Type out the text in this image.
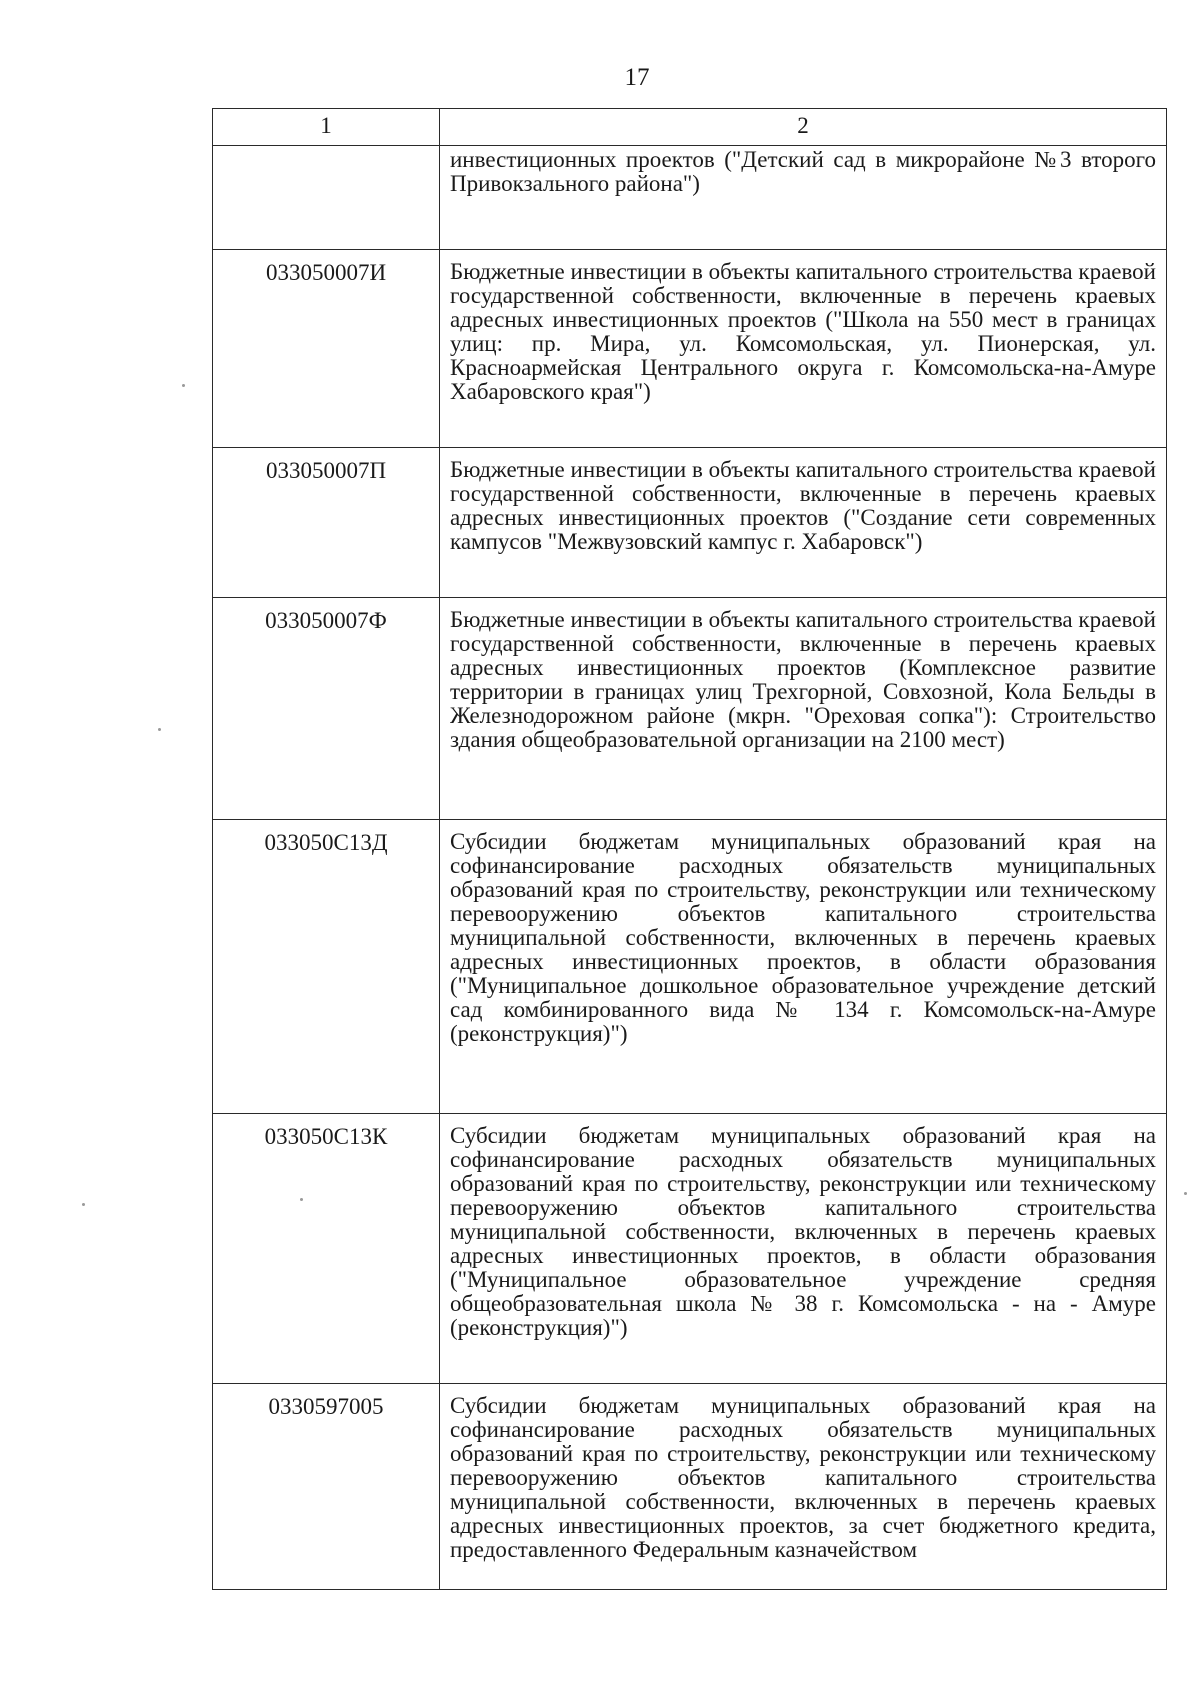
17
1	2
	инвестиционных проектов ("Детский сад в микрорайоне №3 второго Привокзального района")
033050007И	Бюджетные инвестиции в объекты капитального строительства краевой государственной собственности, включенные в перечень краевых адресных инвестиционных проектов ("Школа на 550 мест в границах улиц: пр. Мира, ул. Комсомольская, ул. Пионерская, ул. Красноармейская Центрального округа г. Комсомольска-на-Амуре Хабаровского края")
033050007П	Бюджетные инвестиции в объекты капитального строительства краевой государственной собственности, включенные в перечень краевых адресных инвестиционных проектов ("Создание сети современных кампусов "Межвузовский кампус г. Хабаровск")
033050007Ф	Бюджетные инвестиции в объекты капитального строительства краевой государственной собственности, включенные в перечень краевых адресных инвестиционных проектов (Комплексное развитие территории в границах улиц Трехгорной, Совхозной, Кола Бельды в Железнодорожном районе (мкрн. "Ореховая сопка"): Строительство здания общеобразовательной организации на 2100 мест)
033050С13Д	Субсидии бюджетам муниципальных образований края на софинансирование расходных обязательств муниципальных образований края по строительству, реконструкции или техническому перевооружению объектов капитального строительства муниципальной собственности, включенных в перечень краевых адресных инвестиционных проектов, в области образования ("Муниципальное дошкольное образовательное учреждение детский сад комбинированного вида № 134 г. Комсомольск-на-Амуре (реконструкция)")
033050С13К	Субсидии бюджетам муниципальных образований края на софинансирование расходных обязательств муниципальных образований края по строительству, реконструкции или техническому перевооружению объектов капитального строительства муниципальной собственности, включенных в перечень краевых адресных инвестиционных проектов, в области образования ("Муниципальное образовательное учреждение средняя общеобразовательная школа № 38 г. Комсомольска - на - Амуре (реконструкция)")
0330597005	Субсидии бюджетам муниципальных образований края на софинансирование расходных обязательств муниципальных образований края по строительству, реконструкции или техническому перевооружению объектов капитального строительства муниципальной собственности, включенных в перечень краевых адресных инвестиционных проектов, за счет бюджетного кредита, предоставленного Федеральным казначейством
